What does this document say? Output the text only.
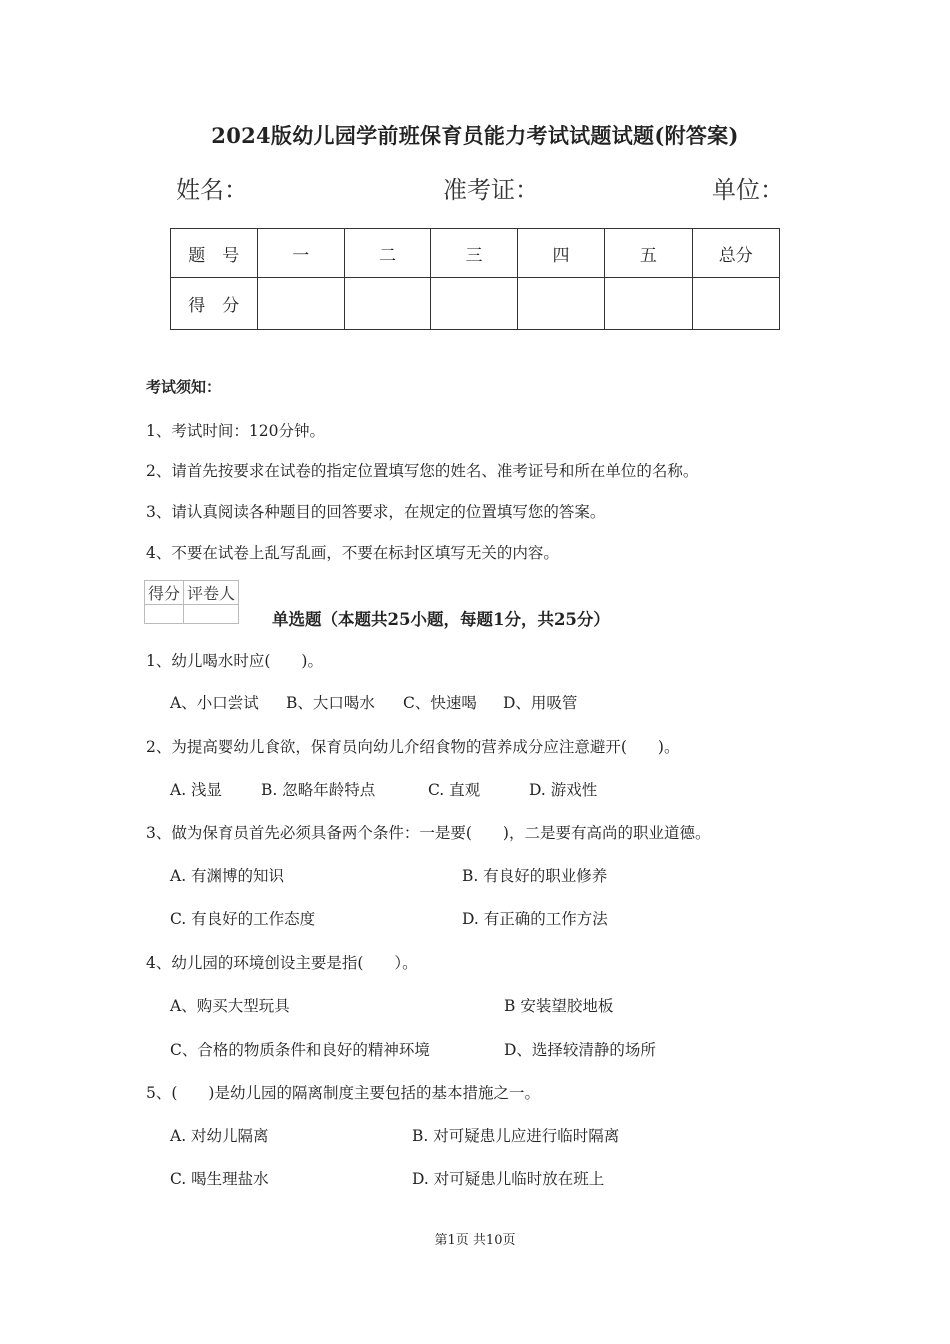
2024版幼儿园学前班保育员能力考试试题试题(附答案)
姓名：	准考证：	单位：
题　号	一	二	三	四	五	总分
得　分						
考试须知：
1、考试时间：120分钟。
2、请首先按要求在试卷的指定位置填写您的姓名、准考证号和所在单位的名称。
3、请认真阅读各种题目的回答要求，在规定的位置填写您的答案。
4、不要在试卷上乱写乱画，不要在标封区填写无关的内容。
得分	评卷人

单选题（本题共25小题，每题1分，共25分）
1、幼儿喝水时应(　　)。
A、小口尝试 B、大口喝水 C、快速喝 D、用吸管
2、为提高婴幼儿食欲，保育员向幼儿介绍食物的营养成分应注意避开(　　)。
A. 浅显	B. 忽略年龄特点	C. 直观	D. 游戏性
3、做为保育员首先必须具备两个条件：一是要(　　)，二是要有高尚的职业道德。
A. 有渊博的知识	B. 有良好的职业修养
C. 有良好的工作态度	D. 有正确的工作方法
4、幼儿园的环境创设主要是指(　　）。
A、购买大型玩具	B 安装望胶地板
C、合格的物质条件和良好的精神环境	D、选择较清静的场所
5、(　　)是幼儿园的隔离制度主要包括的基本措施之一。
A. 对幼儿隔离	B. 对可疑患儿应进行临时隔离
C. 喝生理盐水	D. 对可疑患儿临时放在班上
第1页 共10页
